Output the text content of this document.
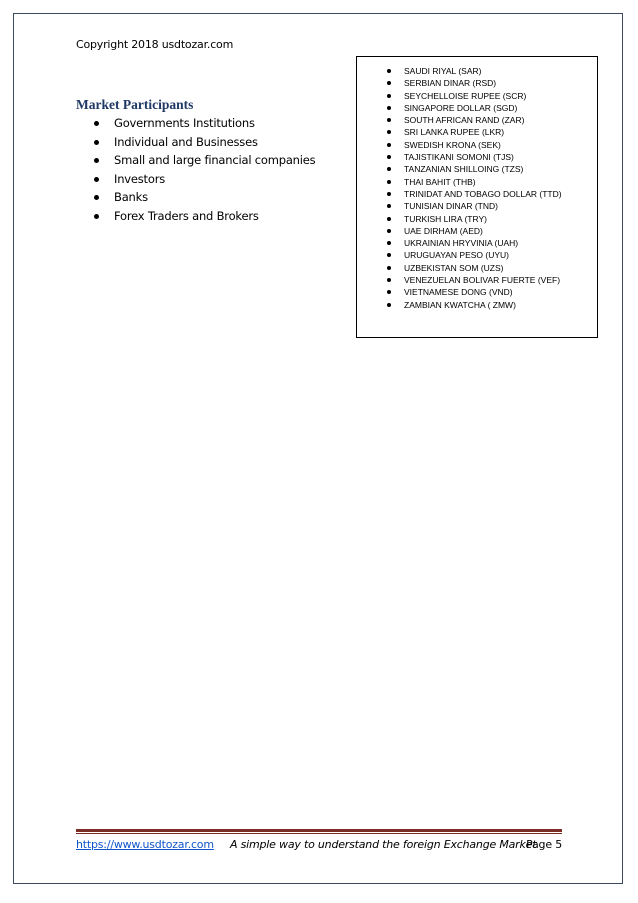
Copyright 2018 usdtozar.com
Market Participants
Governments Institutions
Individual and Businesses
Small and large financial companies
Investors
Banks
Forex Traders and Brokers
SAUDI RIYAL (SAR)
SERBIAN DINAR (RSD)
SEYCHELLOISE RUPEE (SCR)
SINGAPORE DOLLAR (SGD)
SOUTH AFRICAN RAND (ZAR)
SRI LANKA RUPEE (LKR)
SWEDISH KRONA (SEK)
TAJISTIKANI SOMONI (TJS)
TANZANIAN SHILLOING (TZS)
THAI BAHIT (THB)
TRINIDAT AND TOBAGO DOLLAR (TTD)
TUNISIAN DINAR (TND)
TURKISH LIRA (TRY)
UAE DIRHAM (AED)
UKRAINIAN HRYVINIA (UAH)
URUGUAYAN PESO (UYU)
UZBEKISTAN SOM (UZS)
VENEZUELAN BOLIVAR FUERTE (VEF)
VIETNAMESE DONG (VND)
ZAMBIAN KWATCHA ( ZMW)
https://www.usdtozar.com A simple way to understand the foreign Exchange Market
Page 5
